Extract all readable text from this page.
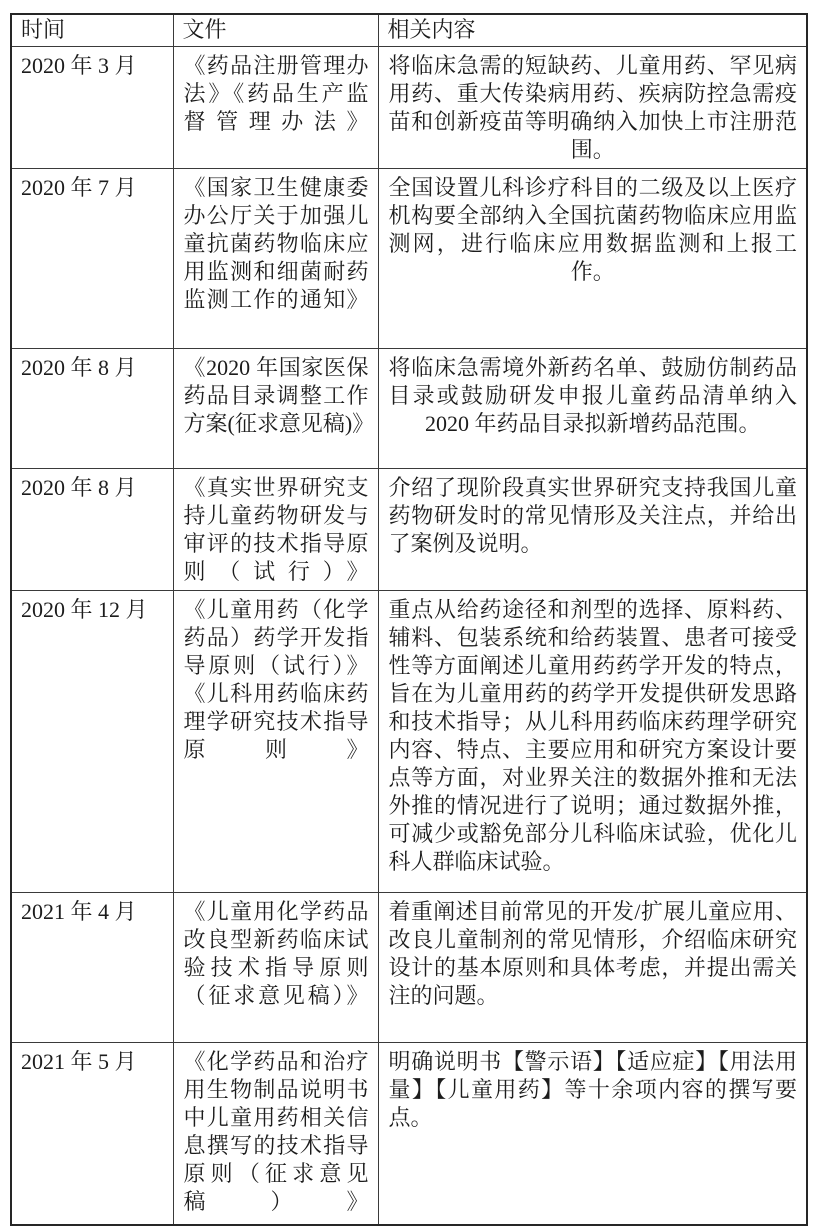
时间	文件	相关内容
2020 年 3 月	《药品注册管理办法》《药品生产监督管理办法》	将临床急需的短缺药、儿童用药、罕见病用药、重大传染病用药、疾病防控急需疫苗和创新疫苗等明确纳入加快上市注册范围。
2020 年 7 月	《国家卫生健康委办公厅关于加强儿童抗菌药物临床应用监测和细菌耐药监测工作的通知》	全国设置儿科诊疗科目的二级及以上医疗机构要全部纳入全国抗菌药物临床应用监测网，进行临床应用数据监测和上报工作。
2020 年 8 月	《2020 年国家医保药品目录调整工作方案(征求意见稿)》	将临床急需境外新药名单、鼓励仿制药品目录或鼓励研发申报儿童药品清单纳入 2020 年药品目录拟新增药品范围。
2020 年 8 月	《真实世界研究支持儿童药物研发与审评的技术指导原则（试行）》	介绍了现阶段真实世界研究支持我国儿童药物研发时的常见情形及关注点，并给出了案例及说明。
2020 年 12 月	《儿童用药（化学药品）药学开发指导原则（试行）》《儿科用药临床药理学研究技术指导原则》	重点从给药途径和剂型的选择、原料药、辅料、包装系统和给药装置、患者可接受性等方面阐述儿童用药药学开发的特点，旨在为儿童用药的药学开发提供研发思路和技术指导；从儿科用药临床药理学研究内容、特点、主要应用和研究方案设计要点等方面，对业界关注的数据外推和无法外推的情况进行了说明；通过数据外推，可减少或豁免部分儿科临床试验，优化儿科人群临床试验。
2021 年 4 月	《儿童用化学药品改良型新药临床试验技术指导原则（征求意见稿）》	着重阐述目前常见的开发/扩展儿童应用、改良儿童制剂的常见情形，介绍临床研究设计的基本原则和具体考虑，并提出需关注的问题。
2021 年 5 月	《化学药品和治疗用生物制品说明书中儿童用药相关信息撰写的技术指导原则（征求意见稿）》	明确说明书【警示语】【适应症】【用法用量】【儿童用药】等十余项内容的撰写要点。
